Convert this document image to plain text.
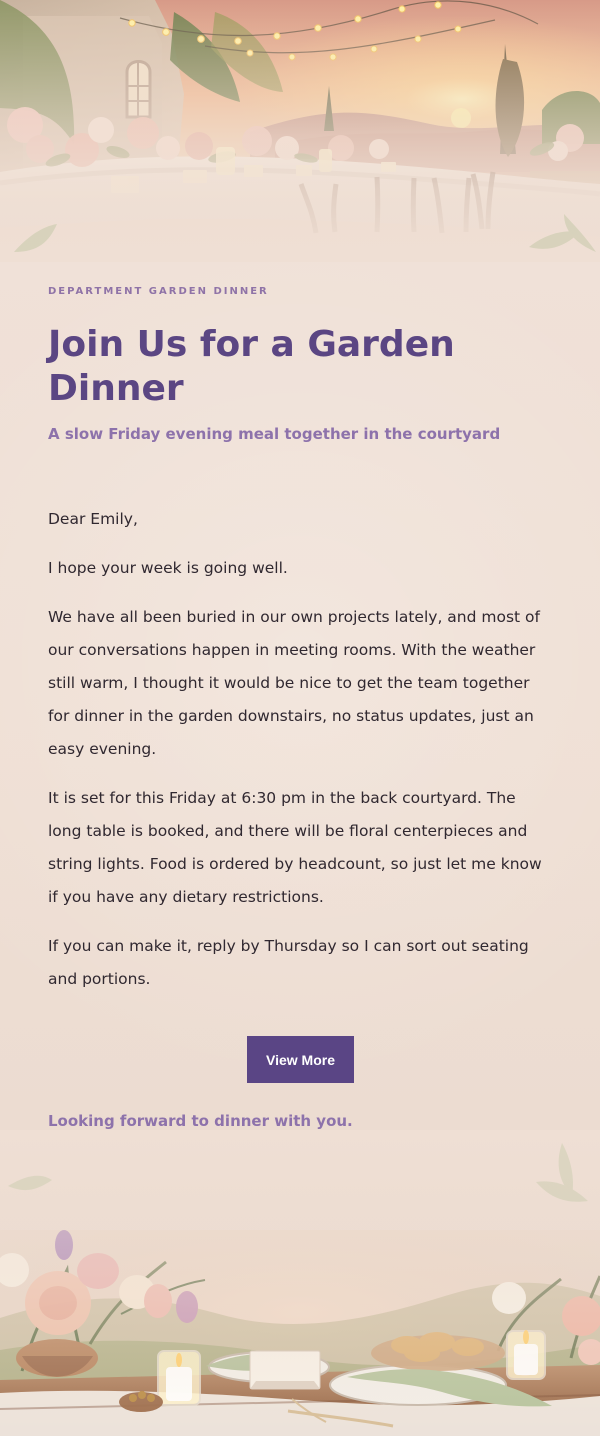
DEPARTMENT GARDEN DINNER

Join Us for a Garden Dinner

A slow Friday evening meal together in the courtyard

Dear Emily,

I hope your week is going well.

We have all been buried in our own projects lately, and most of our conversations happen in meeting rooms. With the weather still warm, I thought it would be nice to get the team together for dinner in the garden downstairs, no status updates, just an easy evening.

It is set for this Friday at 6:30 pm in the back courtyard. The long table is booked, and there will be floral centerpieces and string lights. Food is ordered by headcount, so just let me know if you have any dietary restrictions.

If you can make it, reply by Thursday so I can sort out seating and portions.

View More

Looking forward to dinner with you.
